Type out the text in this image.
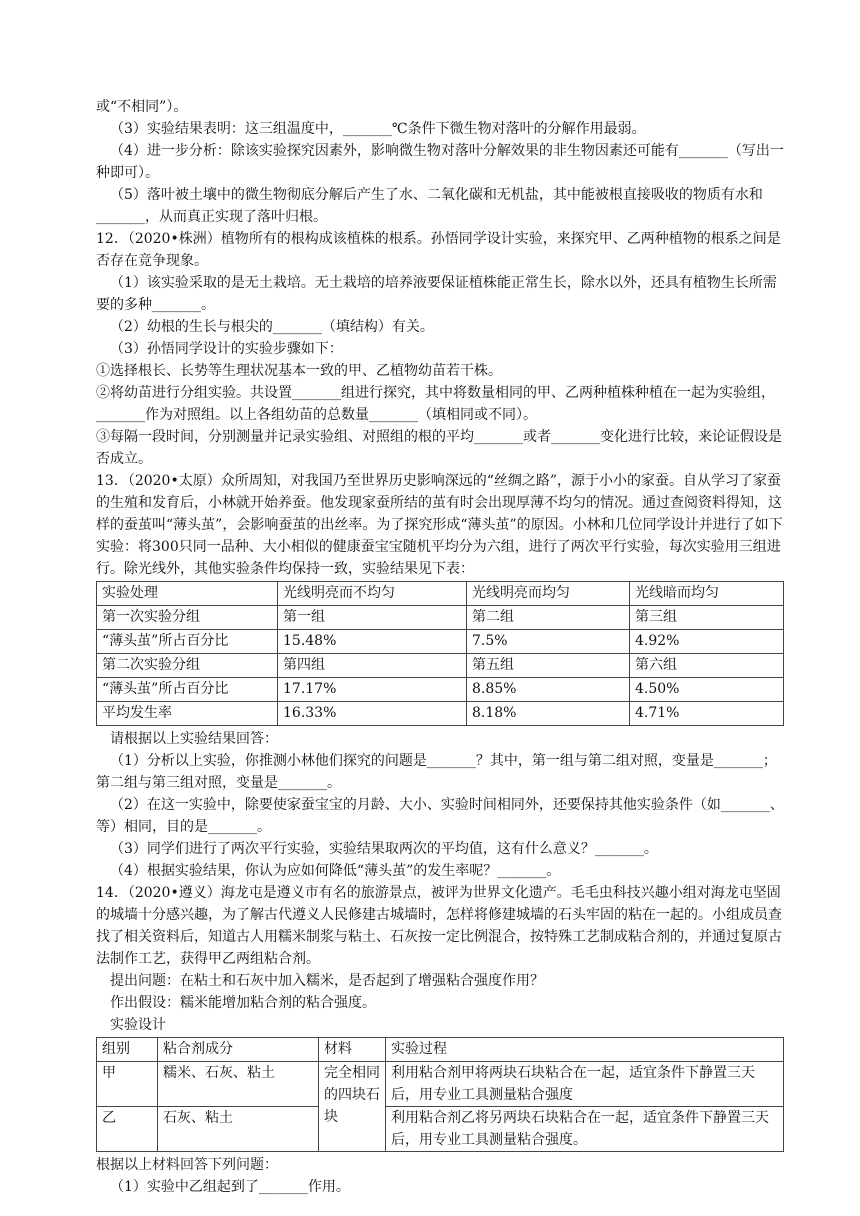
或“不相同”）。

（3）实验结果表明：这三组温度中，_______℃条件下微生物对落叶的分解作用最弱。

（4）进一步分析：除该实验探究因素外，影响微生物对落叶分解效果的非生物因素还可能有_______（写出一种即可）。

（5）落叶被土壤中的微生物彻底分解后产生了水、二氧化碳和无机盐，其中能被根直接吸收的物质有水和_______，从而真正实现了落叶归根。

12．（2020•株洲）植物所有的根构成该植株的根系。孙悟同学设计实验，来探究甲、乙两种植物的根系之间是否存在竞争现象。

（1）该实验采取的是无土栽培。无土栽培的培养液要保证植株能正常生长，除水以外，还具有植物生长所需要的多种_______。

（2）幼根的生长与根尖的_______（填结构）有关。

（3）孙悟同学设计的实验步骤如下：

①选择根长、长势等生理状况基本一致的甲、乙植物幼苗若干株。

②将幼苗进行分组实验。共设置_______组进行探究，其中将数量相同的甲、乙两种植株种植在一起为实验组，_______作为对照组。以上各组幼苗的总数量_______（填相同或不同）。

③每隔一段时间，分别测量并记录实验组、对照组的根的平均_______或者_______变化进行比较，来论证假设是否成立。

13．（2020•太原）众所周知，对我国乃至世界历史影响深远的“丝绸之路”，源于小小的家蚕。自从学习了家蚕的生殖和发育后，小林就开始养蚕。他发现家蚕所结的茧有时会出现厚薄不均匀的情况。通过查阅资料得知，这样的蚕茧叫“薄头茧”，会影响蚕茧的出丝率。为了探究形成“薄头茧”的原因。小林和几位同学设计并进行了如下实验：将300只同一品种、大小相似的健康蚕宝宝随机平均分为六组，进行了两次平行实验，每次实验用三组进行。除光线外，其他实验条件均保持一致，实验结果见下表：

实验处理	光线明亮而不均匀	光线明亮而均匀	光线暗而均匀
第一次实验分组	第一组	第二组	第三组
“薄头茧”所占百分比	15.48%	7.5%	4.92%
第二次实验分组	第四组	第五组	第六组
“薄头茧”所占百分比	17.17%	8.85%	4.50%
平均发生率	16.33%	8.18%	4.71%

请根据以上实验结果回答：

（1）分析以上实验，你推测小林他们探究的问题是_______？其中，第一组与第二组对照，变量是_______；第二组与第三组对照，变量是_______。

（2）在这一实验中，除要使家蚕宝宝的月龄、大小、实验时间相同外，还要保持其他实验条件（如_______、等）相同，目的是_______。

（3）同学们进行了两次平行实验，实验结果取两次的平均值，这有什么意义？_______。

（4）根据实验结果，你认为应如何降低“薄头茧”的发生率呢？_______。

14．（2020•遵义）海龙屯是遵义市有名的旅游景点，被评为世界文化遗产。毛毛虫科技兴趣小组对海龙屯坚固的城墙十分感兴趣，为了解古代遵义人民修建古城墙时，怎样将修建城墙的石头牢固的粘在一起的。小组成员查找了相关资料后，知道古人用糯米制浆与粘土、石灰按一定比例混合，按特殊工艺制成粘合剂的，并通过复原古法制作工艺，获得甲乙两组粘合剂。

提出问题：在粘土和石灰中加入糯米，是否起到了增强粘合强度作用？

作出假设：糯米能增加粘合剂的粘合强度。

实验设计

组别	粘合剂成分	材料	实验过程
甲	糯米、石灰、粘土	完全相同的四块石块	利用粘合剂甲将两块石块粘合在一起，适宜条件下静置三天后，用专业工具测量粘合强度
乙	石灰、粘土		利用粘合剂乙将另两块石块粘合在一起，适宜条件下静置三天后，用专业工具测量粘合强度。

根据以上材料回答下列问题：

（1）实验中乙组起到了_______作用。
